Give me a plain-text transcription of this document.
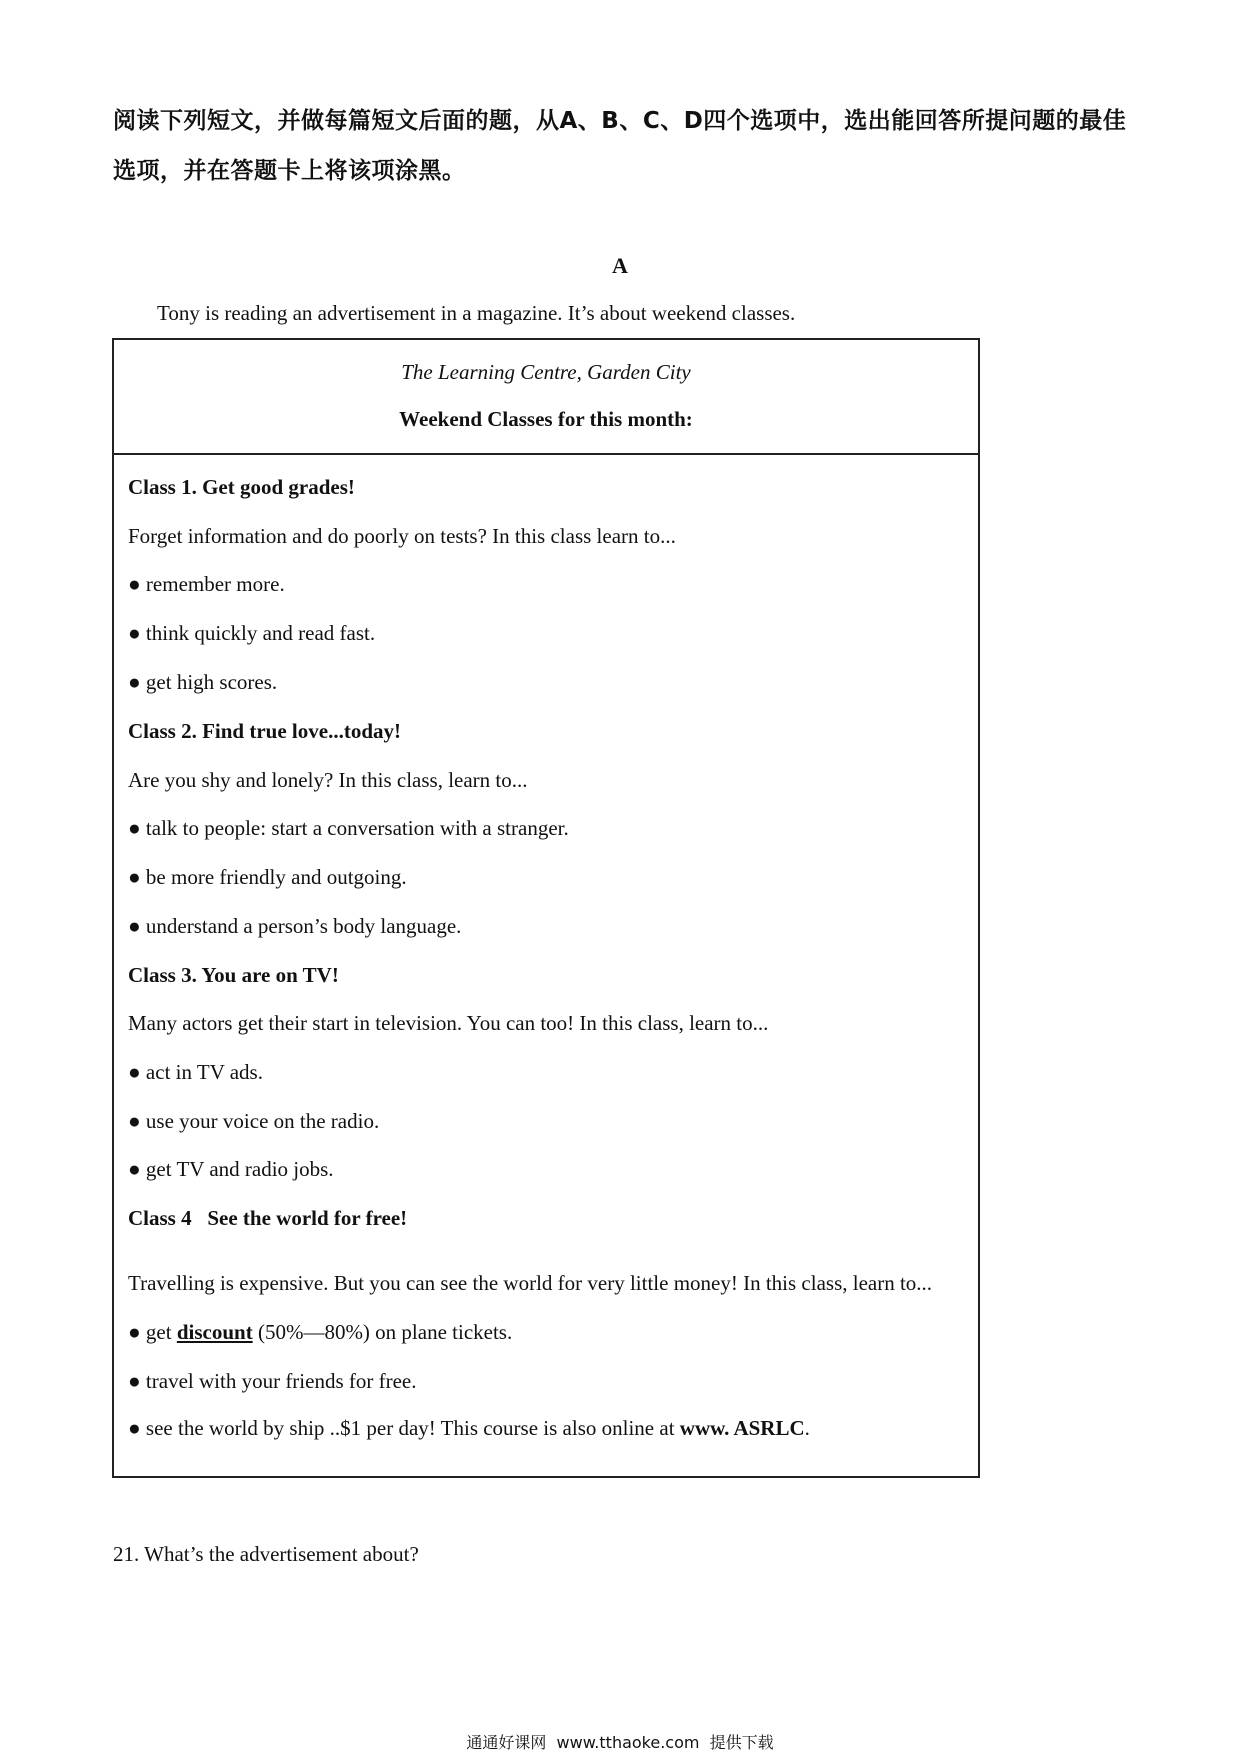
阅读下列短文，并做每篇短文后面的题，从A、B、C、D四个选项中，选出能回答所提问题的最佳选项，并在答题卡上将该项涂黑。
A
Tony is reading an advertisement in a magazine. It’s about weekend classes.
The Learning Centre, Garden City
Weekend Classes for this month:
Class 1. Get good grades!
Forget information and do poorly on tests? In this class learn to...
● remember more.
● think quickly and read fast.
● get high scores.
Class 2. Find true love...today!
Are you shy and lonely? In this class, learn to...
● talk to people: start a conversation with a stranger.
● be more friendly and outgoing.
● understand a person’s body language.
Class 3. You are on TV!
Many actors get their start in television. You can too! In this class, learn to...
● act in TV ads.
● use your voice on the radio.
● get TV and radio jobs.
Class 4   See the world for free!
Travelling is expensive. But you can see the world for very little money! In this class, learn to...
● get discount (50%—80%) on plane tickets.
● travel with your friends for free.
● see the world by ship ..$1 per day! This course is also online at www. ASRLC.
21. What’s the advertisement about?
通通好课网  www.tthaoke.com  提供下载
